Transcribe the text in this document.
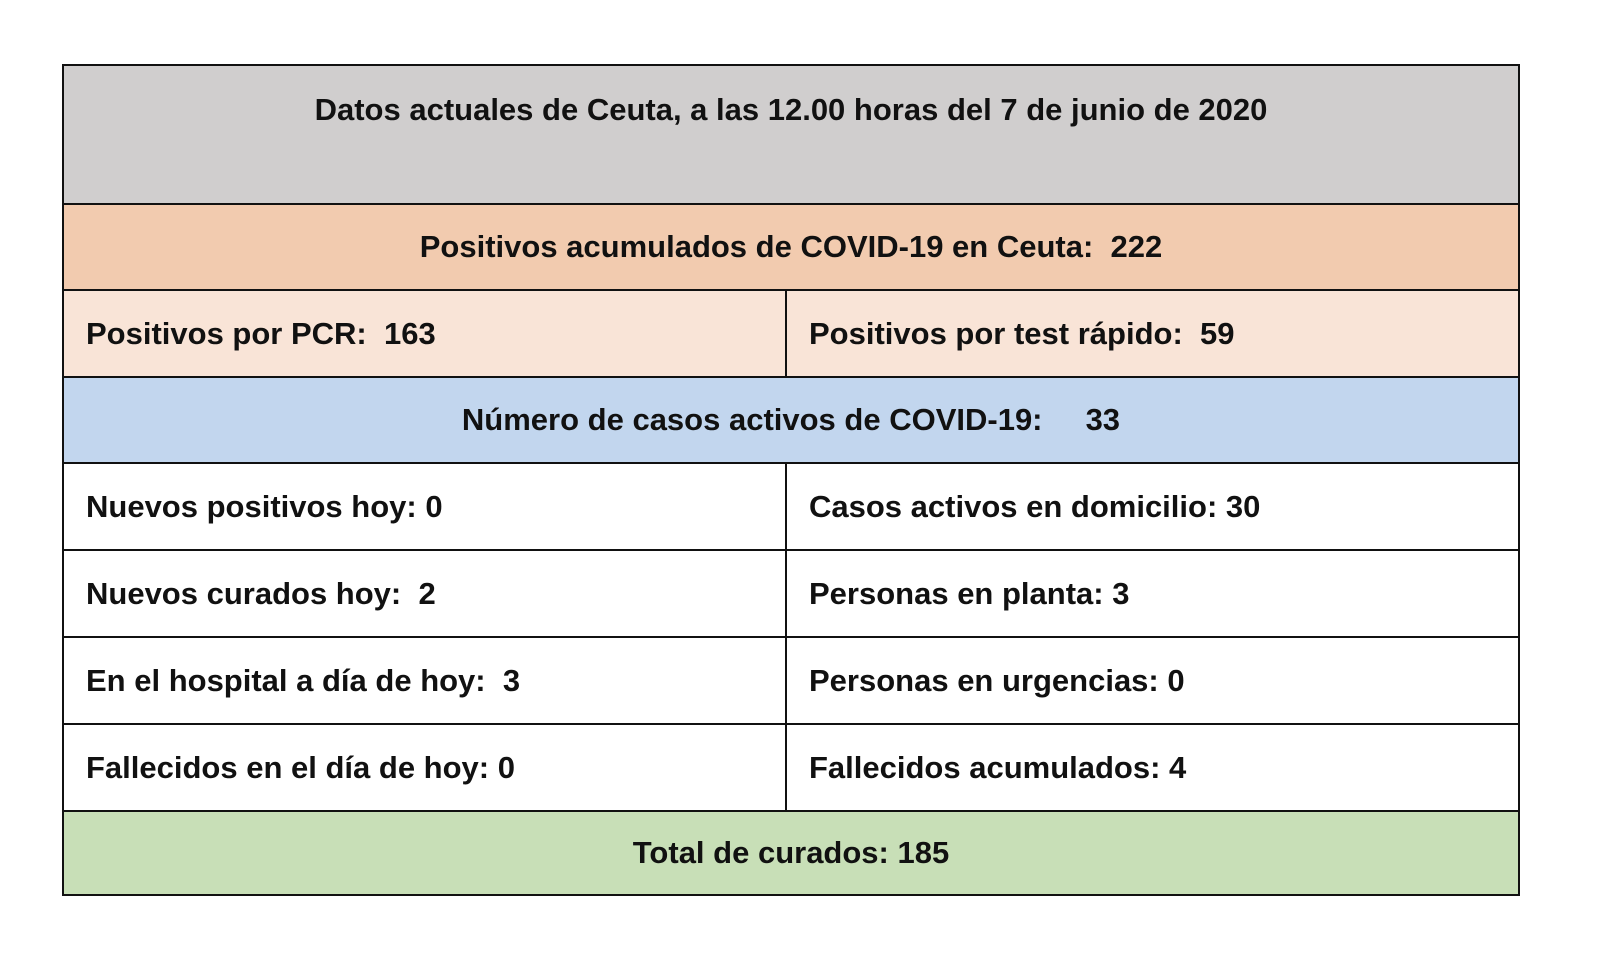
Datos actuales de Ceuta, a las 12.00 horas del 7 de junio de 2020
Positivos acumulados de COVID-19 en Ceuta:  222
Positivos por PCR:  163	Positivos por test rápido:  59
Número de casos activos de COVID-19:     33
Nuevos positivos hoy: 0	Casos activos en domicilio: 30
Nuevos curados hoy:  2	Personas en planta: 3
En el hospital a día de hoy:  3	Personas en urgencias: 0
Fallecidos en el día de hoy: 0	Fallecidos acumulados: 4
Total de curados: 185
